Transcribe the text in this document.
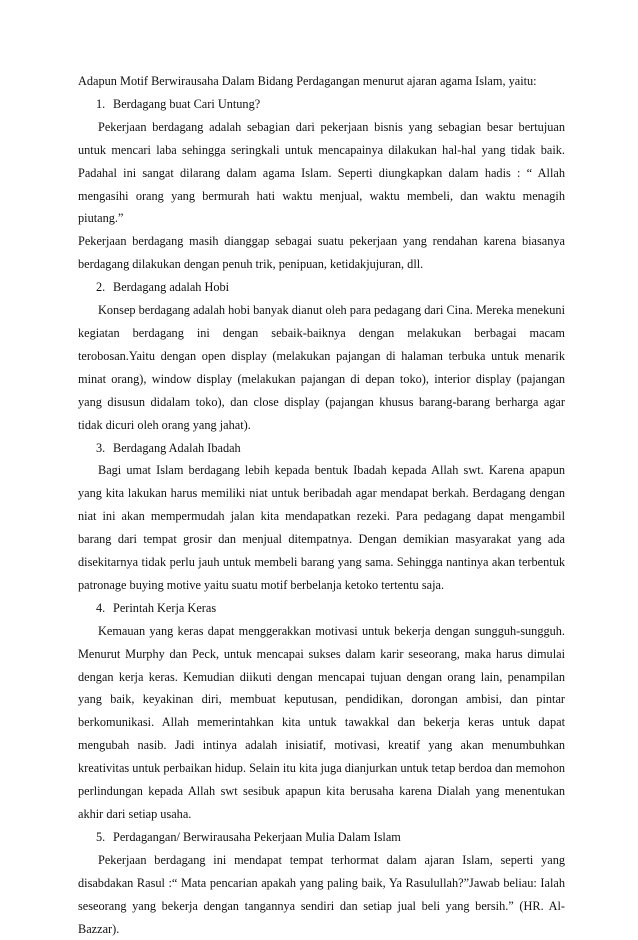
Adapun Motif Berwirausaha Dalam Bidang Perdagangan menurut ajaran agama Islam, yaitu:

1. Berdagang buat Cari Untung?

Pekerjaan berdagang adalah sebagian dari pekerjaan bisnis yang sebagian besar bertujuan untuk mencari laba sehingga seringkali untuk mencapainya dilakukan hal-hal yang tidak baik. Padahal ini sangat dilarang dalam agama Islam. Seperti diungkapkan dalam hadis : “ Allah mengasihi orang yang bermurah hati waktu menjual, waktu membeli, dan waktu menagih piutang.”

Pekerjaan berdagang masih dianggap sebagai suatu pekerjaan yang rendahan karena biasanya berdagang dilakukan dengan penuh trik, penipuan, ketidakjujuran, dll.

2. Berdagang adalah Hobi

Konsep berdagang adalah hobi banyak dianut oleh para pedagang dari Cina. Mereka menekuni kegiatan berdagang ini dengan sebaik-baiknya dengan melakukan berbagai macam terobosan.Yaitu dengan open display (melakukan pajangan di halaman terbuka untuk menarik minat orang), window display (melakukan pajangan di depan toko), interior display (pajangan yang disusun didalam toko), dan close display (pajangan khusus barang-barang berharga agar tidak dicuri oleh orang yang jahat).

3. Berdagang Adalah Ibadah

Bagi umat Islam berdagang lebih kepada bentuk Ibadah kepada Allah swt. Karena apapun yang kita lakukan harus memiliki niat untuk beribadah agar mendapat berkah. Berdagang dengan niat ini akan mempermudah jalan kita mendapatkan rezeki. Para pedagang dapat mengambil barang dari tempat grosir dan menjual ditempatnya. Dengan demikian masyarakat yang ada disekitarnya tidak perlu jauh untuk membeli barang yang sama. Sehingga nantinya akan terbentuk patronage buying motive yaitu suatu motif berbelanja ketoko tertentu saja.

4. Perintah Kerja Keras

Kemauan yang keras dapat menggerakkan motivasi untuk bekerja dengan sungguh-sungguh. Menurut Murphy dan Peck, untuk mencapai sukses dalam karir seseorang, maka harus dimulai dengan kerja keras. Kemudian diikuti dengan mencapai tujuan dengan orang lain, penampilan yang baik, keyakinan diri, membuat keputusan, pendidikan, dorongan ambisi, dan pintar berkomunikasi. Allah memerintahkan kita untuk tawakkal dan bekerja keras untuk dapat mengubah nasib. Jadi intinya adalah inisiatif, motivasi, kreatif yang akan menumbuhkan kreativitas untuk perbaikan hidup. Selain itu kita juga dianjurkan untuk tetap berdoa dan memohon perlindungan kepada Allah swt sesibuk apapun kita berusaha karena Dialah yang menentukan akhir dari setiap usaha.

5. Perdagangan/ Berwirausaha Pekerjaan Mulia Dalam Islam

Pekerjaan berdagang ini mendapat tempat terhormat dalam ajaran Islam, seperti yang disabdakan Rasul :“ Mata pencarian apakah yang paling baik, Ya Rasulullah?”Jawab beliau: Ialah seseorang yang bekerja dengan tangannya sendiri dan setiap jual beli yang bersih.” (HR. Al-Bazzar).
